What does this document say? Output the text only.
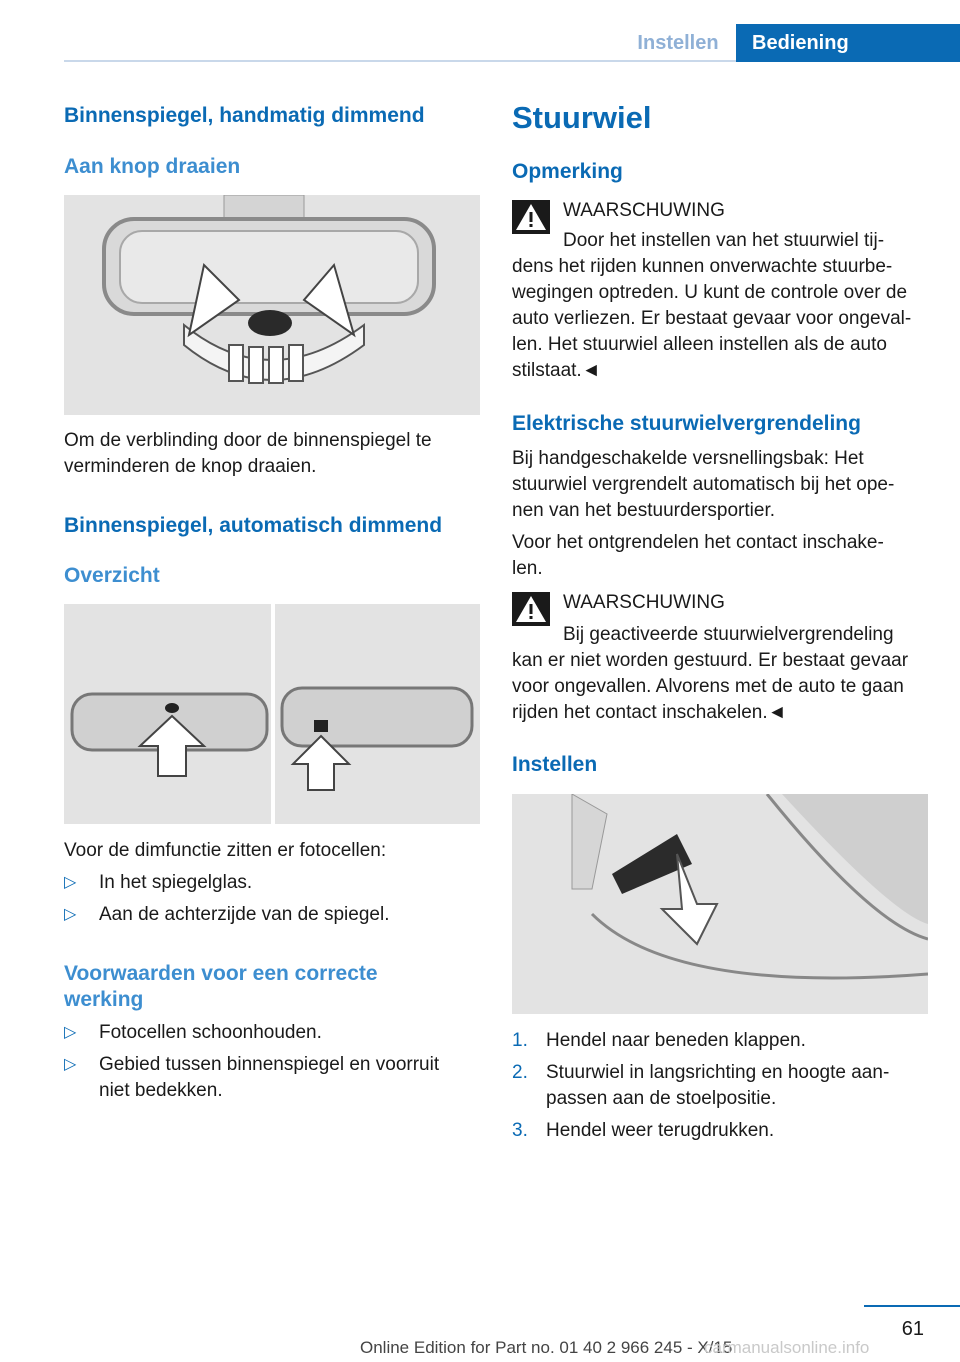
Instellen	Bediening
Binnenspiegel, handmatig dimmend
Aan knop draaien
Om de verblinding door de binnenspiegel te
verminderen de knop draaien.
Binnenspiegel, automatisch dimmend
Overzicht
Voor de dimfunctie zitten er fotocellen:
▷ In het spiegelglas.
▷ Aan de achterzijde van de spiegel.
Voorwaarden voor een correcte
werking
▷ Fotocellen schoonhouden.
▷ Gebied tussen binnenspiegel en voorruit
niet bedekken.
Stuurwiel
Opmerking
WAARSCHUWING
Door het instellen van het stuurwiel tij-
dens het rijden kunnen onverwachte stuurbe-
wegingen optreden. U kunt de controle over de
auto verliezen. Er bestaat gevaar voor ongeval-
len. Het stuurwiel alleen instellen als de auto
stilstaat.◄
Elektrische stuurwielvergrendeling
Bij handgeschakelde versnellingsbak: Het
stuurwiel vergrendelt automatisch bij het ope-
nen van het bestuurdersportier.
Voor het ontgrendelen het contact inschake-
len.
WAARSCHUWING
Bij geactiveerde stuurwielvergrendeling
kan er niet worden gestuurd. Er bestaat gevaar
voor ongevallen. Alvorens met de auto te gaan
rijden het contact inschakelen.◄
Instellen
1. Hendel naar beneden klappen.
2. Stuurwiel in langsrichting en hoogte aan-
passen aan de stoelpositie.
3. Hendel weer terugdrukken.
61
Online Edition for Part no. 01 40 2 966 245 - X/15
carmanualsonline.info
